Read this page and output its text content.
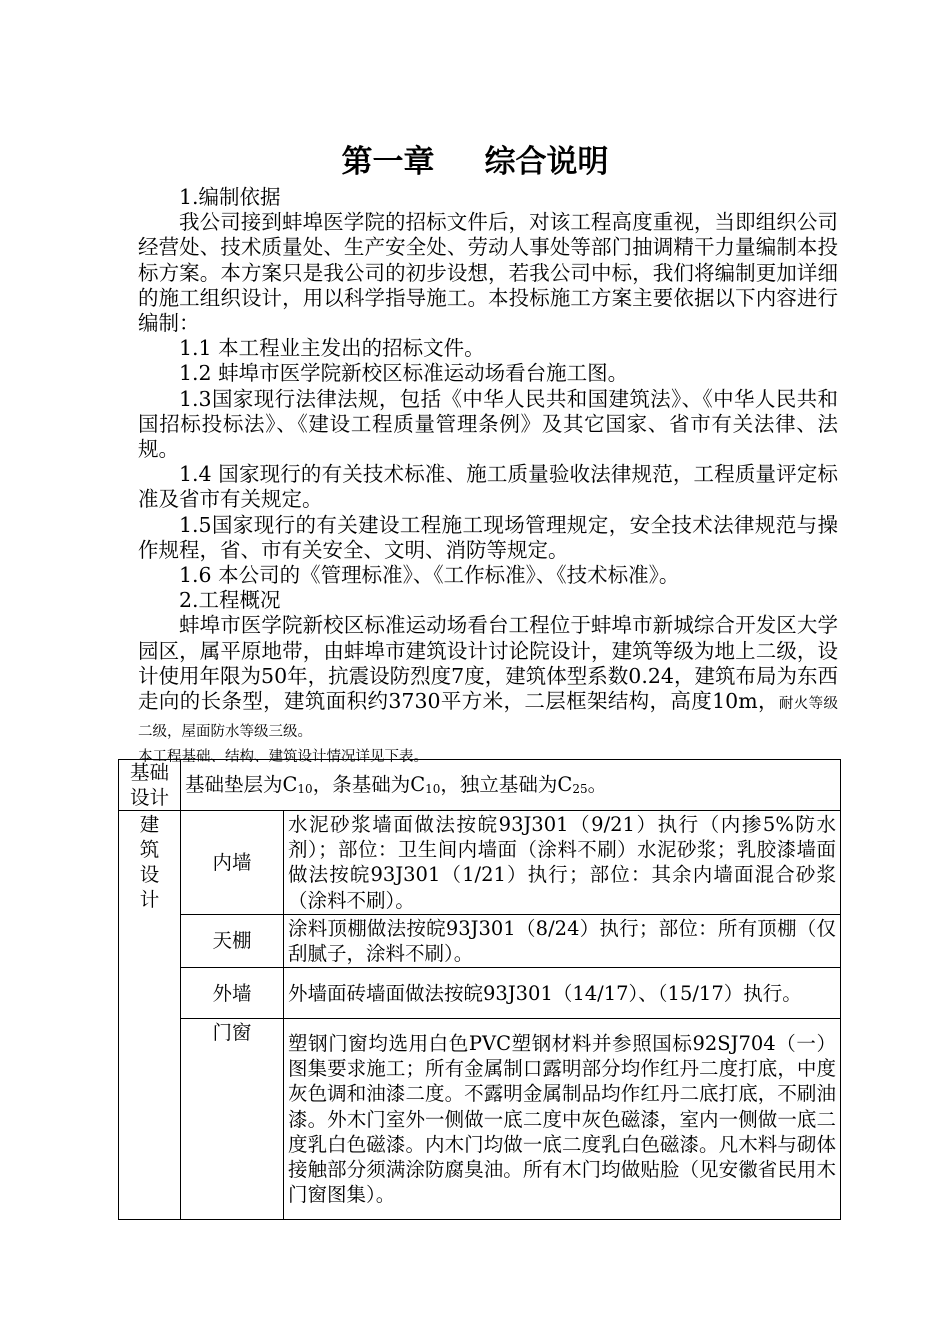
第一章 综合说明

1.编制依据

我公司接到蚌埠医学院的招标文件后，对该工程高度重视，当即组织公司经营处、技术质量处、生产安全处、劳动人事处等部门抽调精干力量编制本投标方案。本方案只是我公司的初步设想，若我公司中标，我们将编制更加详细的施工组织设计，用以科学指导施工。本投标施工方案主要依据以下内容进行编制：

1.1 本工程业主发出的招标文件。

1.2 蚌埠市医学院新校区标准运动场看台施工图。

1.3国家现行法律法规，包括《中华人民共和国建筑法》、《中华人民共和国招标投标法》、《建设工程质量管理条例》及其它国家、省市有关法律、法规。

1.4 国家现行的有关技术标准、施工质量验收法律规范，工程质量评定标准及省市有关规定。

1.5国家现行的有关建设工程施工现场管理规定，安全技术法律规范与操作规程，省、市有关安全、文明、消防等规定。

1.6 本公司的《管理标准》、《工作标准》、《技术标准》。

2.工程概况

蚌埠市医学院新校区标准运动场看台工程位于蚌埠市新城综合开发区大学园区，属平原地带，由蚌埠市建筑设计讨论院设计，建筑等级为地上二级，设计使用年限为50年，抗震设防烈度7度，建筑体型系数0.24，建筑布局为东西走向的长条型，建筑面积约3730平方米，二层框架结构，高度10m，耐火等级二级，屋面防水等级三级。

本工程基础、结构、建筑设计情况详见下表。

基础设计	基础垫层为$C_{10}$，条基础为$C_{10}$，独立基础为$C_{25}$。	

建筑设计	内墙	水泥砂浆墙面做法按皖93J301（9/21）执行（内掺5%防水剂）；部位：卫生间内墙面（涂料不刷）水泥砂浆；乳胶漆墙面做法按皖93J301（1/21）执行；部位：其余内墙面混合砂浆（涂料不刷）。
	天棚	涂料顶棚做法按皖93J301（8/24）执行；部位：所有顶棚（仅刮腻子，涂料不刷）。
	外墙	外墙面砖墙面做法按皖93J301（14/17）、（15/17）执行。
	门窗	塑钢门窗均选用白色PVC塑钢材料并参照国标92SJ704（一）图集要求施工；所有金属制口露明部分均作红丹二度打底，中度灰色调和油漆二度。不露明金属制品均作红丹二底打底，不刷油漆。外木门室外一侧做一底二度中灰色磁漆，室内一侧做一底二度乳白色磁漆。内木门均做一底二度乳白色磁漆。凡木料与砌体接触部分须满涂防腐臭油。所有木门均做贴脸（见安徽省民用木门窗图集）。
